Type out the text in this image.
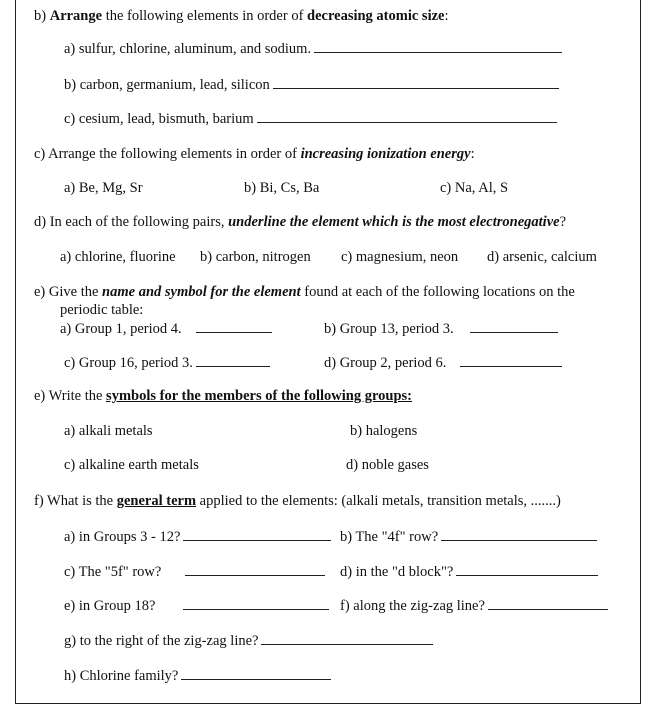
b) Arrange the following elements in order of decreasing atomic size:
a) sulfur, chlorine, aluminum, and sodium.
b) carbon, germanium, lead, silicon
c) cesium, lead, bismuth, barium
c) Arrange the following elements in order of increasing ionization energy:
a) Be, Mg, Sr	b) Bi, Cs, Ba	c) Na, Al, S
d) In each of the following pairs, underline the element which is the most electronegative?
a) chlorine, fluorine b) carbon, nitrogen c) magnesium, neon d) arsenic, calcium
e) Give the name and symbol for the element found at each of the following locations on the
periodic table:
a) Group 1, period 4.	b) Group 13, period 3.
c) Group 16, period 3.	d) Group 2, period 6.
e) Write the symbols for the members of the following groups:
a) alkali metals	b) halogens
c) alkaline earth metals	d) noble gases
f) What is the general term applied to the elements: (alkali metals, transition metals, .......)
a) in Groups 3 - 12?	b) The "4f" row?
c) The "5f" row?	d) in the "d block"?
e) in Group 18?	f) along the zig-zag line?
g) to the right of the zig-zag line?
h) Chlorine family?
